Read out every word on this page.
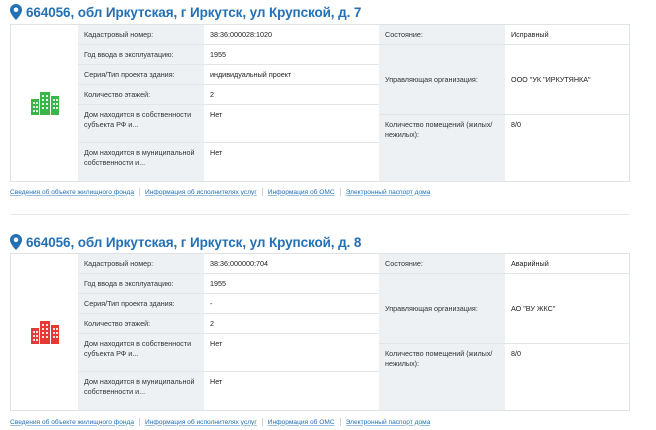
664056, обл Иркутская, г Иркутск, ул Крупской, д. 7
Кадастровый номер:
Год ввода в эксплуатацию:
Серия/Тип проекта здания:
Количество этажей:
Дом находится в собственности субъекта РФ и...
Дом находится в муниципальной собственности и...
38:36:000028:1020
1955
индивидуальный проект
2
Нет
Нет
Состояние:
Управляющая организация:
Количество помещений (жилых/нежилых):
Исправный
ООО "УК "ИРКУТЯНКА"
8/0
Сведения об объекте жилищного фонда Информация об исполнителях услуг Информация об ОМС Электронный паспорт дома
664056, обл Иркутская, г Иркутск, ул Крупской, д. 8
Кадастровый номер:
Год ввода в эксплуатацию:
Серия/Тип проекта здания:
Количество этажей:
Дом находится в собственности субъекта РФ и...
Дом находится в муниципальной собственности и...
38:36:000000:704
1955
-
2
Нет
Нет
Состояние:
Управляющая организация:
Количество помещений (жилых/нежилых):
Аварийный
АО "ВУ ЖКС"
8/0
Сведения об объекте жилищного фонда Информация об исполнителях услуг Информация об ОМС Электронный паспорт дома
